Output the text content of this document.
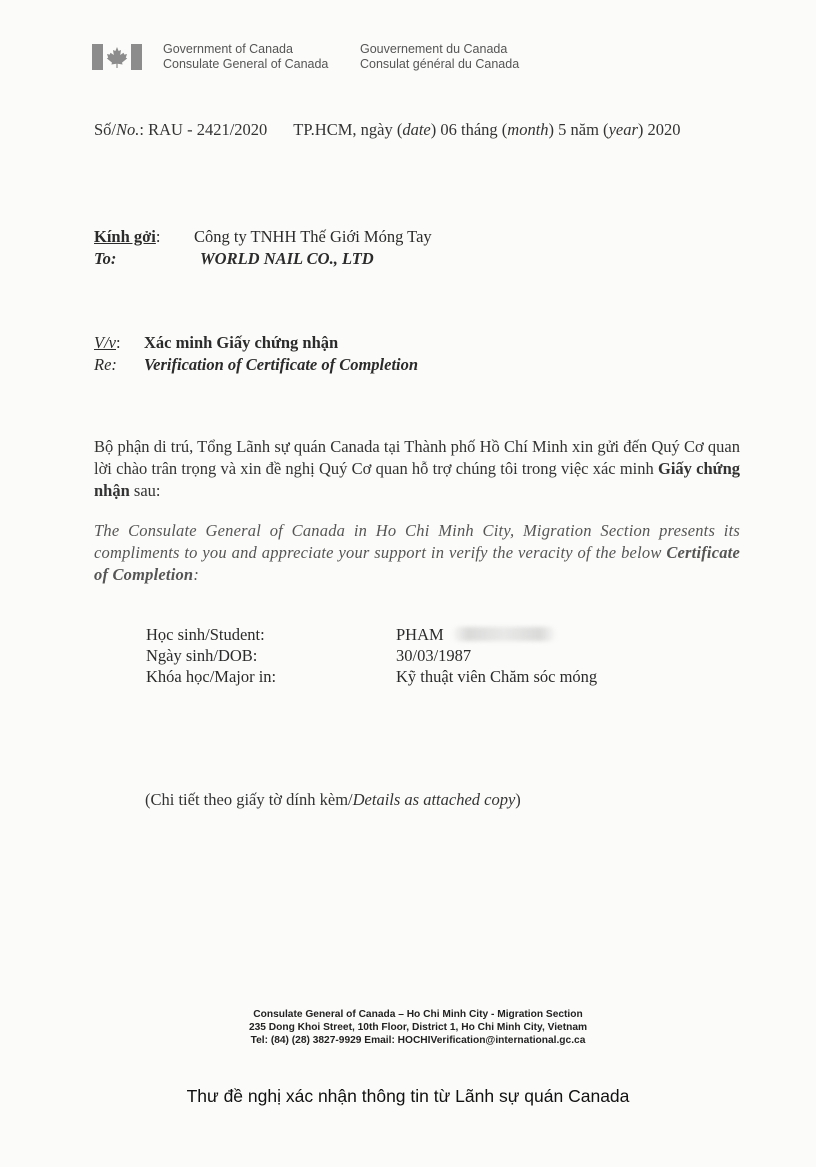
Government of Canada
Consulate General of Canada
Gouvernement du Canada
Consulat général du Canada
Số/No.: RAU - 2421/2020 TP.HCM, ngày (date) 06 tháng (month) 5 năm (year) 2020
Kính gởi: Công ty TNHH Thế Giới Móng Tay
To:	WORLD NAIL CO., LTD
V/v: Xác minh Giấy chứng nhận
Re: Verification of Certificate of Completion
Bộ phận di trú, Tổng Lãnh sự quán Canada tại Thành phố Hồ Chí Minh xin gửi đến Quý Cơ quan lời chào trân trọng và xin đề nghị Quý Cơ quan hỗ trợ chúng tôi trong việc xác minh Giấy chứng nhận sau:
The Consulate General of Canada in Ho Chi Minh City, Migration Section presents its compliments to you and appreciate your support in verify the veracity of the below Certificate of Completion:
Học sinh/Student:	PHAM
Ngày sinh/DOB:	30/03/1987
Khóa học/Major in:	Kỹ thuật viên Chăm sóc móng
(Chi tiết theo giấy tờ dính kèm/Details as attached copy)
Consulate General of Canada – Ho Chi Minh City - Migration Section
235 Dong Khoi Street, 10th Floor, District 1, Ho Chi Minh City, Vietnam
Tel: (84) (28) 3827-9929 Email: HOCHIVerification@international.gc.ca
Thư đề nghị xác nhận thông tin từ Lãnh sự quán Canada
